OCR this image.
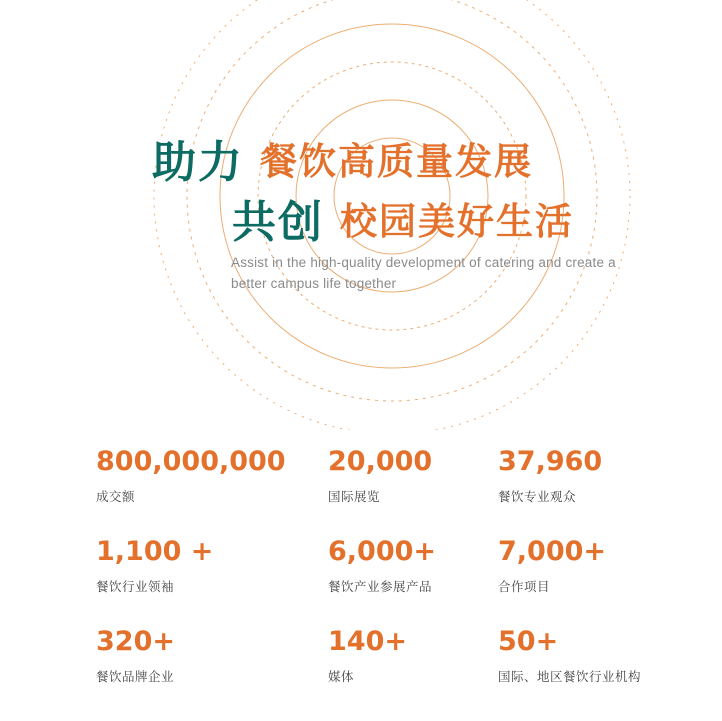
助力 餐饮高质量发展
共创 校园美好生活
Assist in the high-quality development of catering and create a better campus life together
800,000,000
成交额
20,000
国际展览
37,960
餐饮专业观众
1,100 +
餐饮行业领袖
6,000+
餐饮产业参展产品
7,000+
合作项目
320+
餐饮品牌企业
140+
媒体
50+
国际、地区餐饮行业机构
